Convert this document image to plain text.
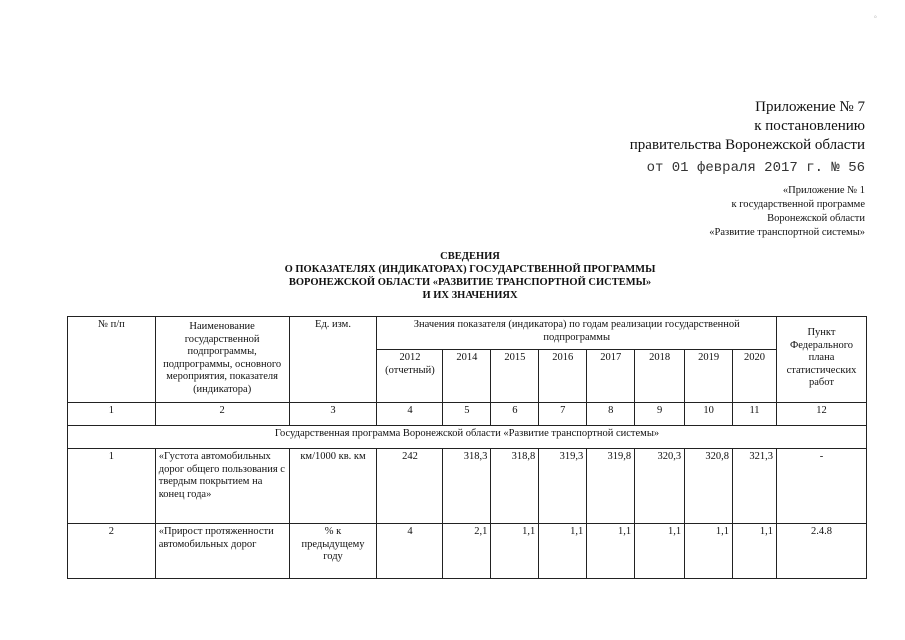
°
Приложение № 7
к постановлению
правительства Воронежской области
от 01 февраля 2017 г. № 56
«Приложение № 1
к государственной программе
Воронежской области
«Развитие транспортной системы»
СВЕДЕНИЯ
О ПОКАЗАТЕЛЯХ (ИНДИКАТОРАХ) ГОСУДАРСТВЕННОЙ ПРОГРАММЫ
ВОРОНЕЖСКОЙ ОБЛАСТИ «РАЗВИТИЕ ТРАНСПОРТНОЙ СИСТЕМЫ»
И ИХ ЗНАЧЕНИЯХ
№ п/п	Наименование государственной подпрограммы, подпрограммы, основного мероприятия, показателя (индикатора)	Ед. изм.	Значения показателя (индикатора) по годам реализации государственной подпрограммы								Пункт Федерального плана статистических работ
			2012 (отчетный)	2014	2015	2016	2017	2018	2019	2020	
1	2	3	4	5	6	7	8	9	10	11	12
Государственная программа Воронежской области «Развитие транспортной системы»											
1	«Густота автомобильных дорог общего пользования с твердым покрытием на конец года»	км/1000 кв. км	242	318,3	318,8	319,3	319,8	320,3	320,8	321,3	-
2	«Прирост протяженности автомобильных дорог	% к предыдущему году	4	2,1	1,1	1,1	1,1	1,1	1,1	1,1	2.4.8
